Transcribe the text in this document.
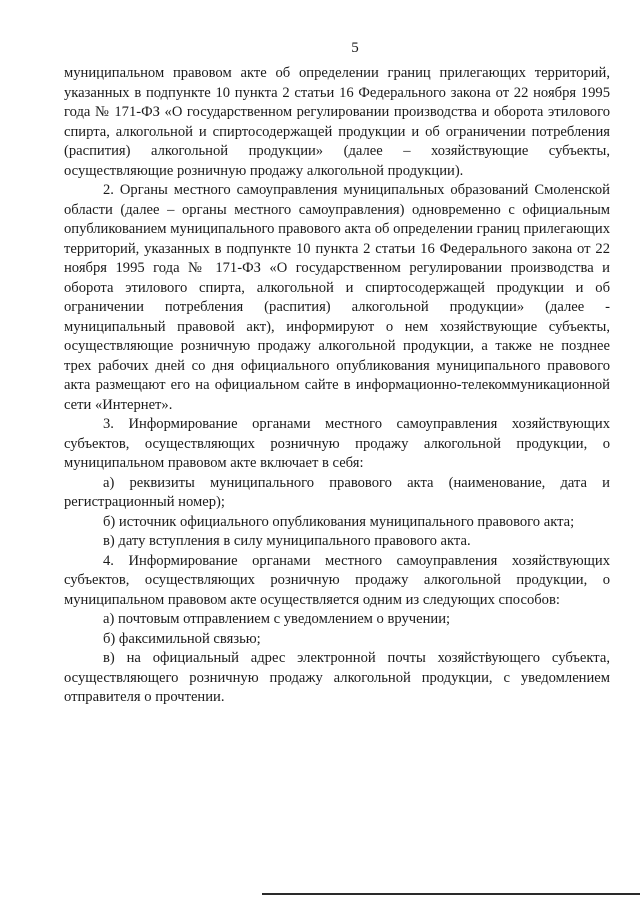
5

муниципальном правовом акте об определении границ прилегающих территорий, указанных в подпункте 10 пункта 2 статьи 16 Федерального закона от 22 ноября 1995 года № 171-ФЗ «О государственном регулировании производства и оборота этилового спирта, алкогольной и спиртосодержащей продукции и об ограничении потребления (распития) алкогольной продукции» (далее – хозяйствующие субъекты, осуществляющие розничную продажу алкогольной продукции).

2. Органы местного самоуправления муниципальных образований Смоленской области (далее – органы местного самоуправления) одновременно с официальным опубликованием муниципального правового акта об определении границ прилегающих территорий, указанных в подпункте 10 пункта 2 статьи 16 Федерального закона от 22 ноября 1995 года № 171-ФЗ «О государственном регулировании производства и оборота этилового спирта, алкогольной и спиртосодержащей продукции и об ограничении потребления (распития) алкогольной продукции» (далее - муниципальный правовой акт), информируют о нем хозяйствующие субъекты, осуществляющие розничную продажу алкогольной продукции, а также не позднее трех рабочих дней со дня официального опубликования муниципального правового акта размещают его на официальном сайте в информационно-телекоммуникационной сети «Интернет».

3. Информирование органами местного самоуправления хозяйствующих субъектов, осуществляющих розничную продажу алкогольной продукции, о муниципальном правовом акте включает в себя:

а) реквизиты муниципального правового акта (наименование, дата и регистрационный номер);

б) источник официального опубликования муниципального правового акта;

в) дату вступления в силу муниципального правового акта.

4. Информирование органами местного самоуправления хозяйствующих субъектов, осуществляющих розничную продажу алкогольной продукции, о муниципальном правовом акте осуществляется одним из следующих способов:

а) почтовым отправлением с уведомлением о вручении;

б) факсимильной связью;

в) на официальный адрес электронной почты хозяйствующего субъекта, осуществляющего розничную продажу алкогольной продукции, с уведомлением отправителя о прочтении.
